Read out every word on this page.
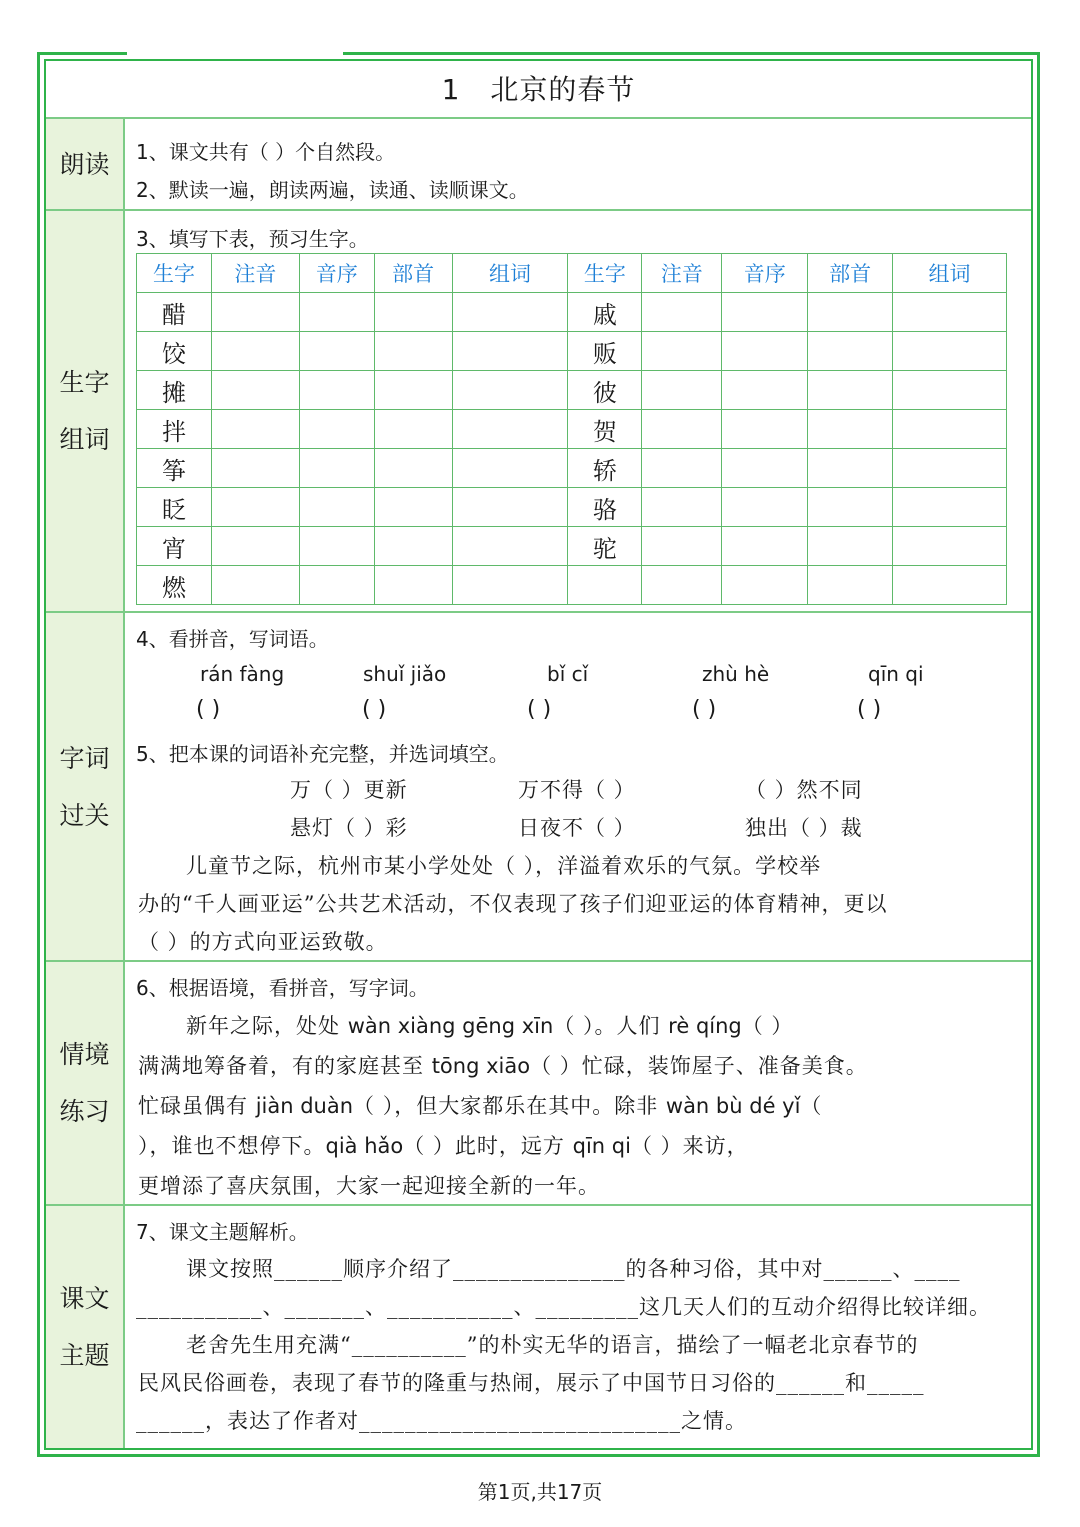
1 北京的春节
朗读
生字
组词
字词
过关
情境
练习
课文
主题
1、课文共有（ ）个自然段。
2、默读一遍，朗读两遍，读通、读顺课文。
3、填写下表，预习生字。
生字	注音	音序	部首	组词	生字	注音	音序	部首	组词
醋					戚				
饺					贩				
摊					彼				
拌					贺				
筝					轿				
眨					骆				
宵					驼				
燃									
4、看拼音，写词语。
rán fàng	shuǐ jiǎo	bǐ cǐ	zhù hè	qīn qi
( )	( )	( )	( )	( )
5、把本课的词语补充完整，并选词填空。
万（ ）更新	万不得（ ）	（ ）然不同
悬灯（ ）彩	日夜不（ ）	独出（ ）裁
儿童节之际，杭州市某小学处处（ ），洋溢着欢乐的气氛。学校举
办的“千人画亚运”公共艺术活动，不仅表现了孩子们迎亚运的体育精神，更以
（ ）的方式向亚运致敬。
6、根据语境，看拼音，写字词。
新年之际，处处 wàn xiàng gēng xīn（ ）。人们 rè qíng（ ）
满满地筹备着，有的家庭甚至 tōng xiāo（ ）忙碌，装饰屋子、准备美食。
忙碌虽偶有 jiàn duàn（ ），但大家都乐在其中。除非 wàn bù dé yǐ（
），谁也不想停下。qià hǎo（ ）此时，远方 qīn qi（ ）来访，
更增添了喜庆氛围，大家一起迎接全新的一年。
7、课文主题解析。
课文按照______顺序介绍了_______________的各种习俗，其中对______、____
___________、_______、___________、_________这几天人们的互动介绍得比较详细。
老舍先生用充满“__________”的朴实无华的语言，描绘了一幅老北京春节的
民风民俗画卷，表现了春节的隆重与热闹，展示了中国节日习俗的______和_____
______，表达了作者对____________________________之情。
第1页,共17页
